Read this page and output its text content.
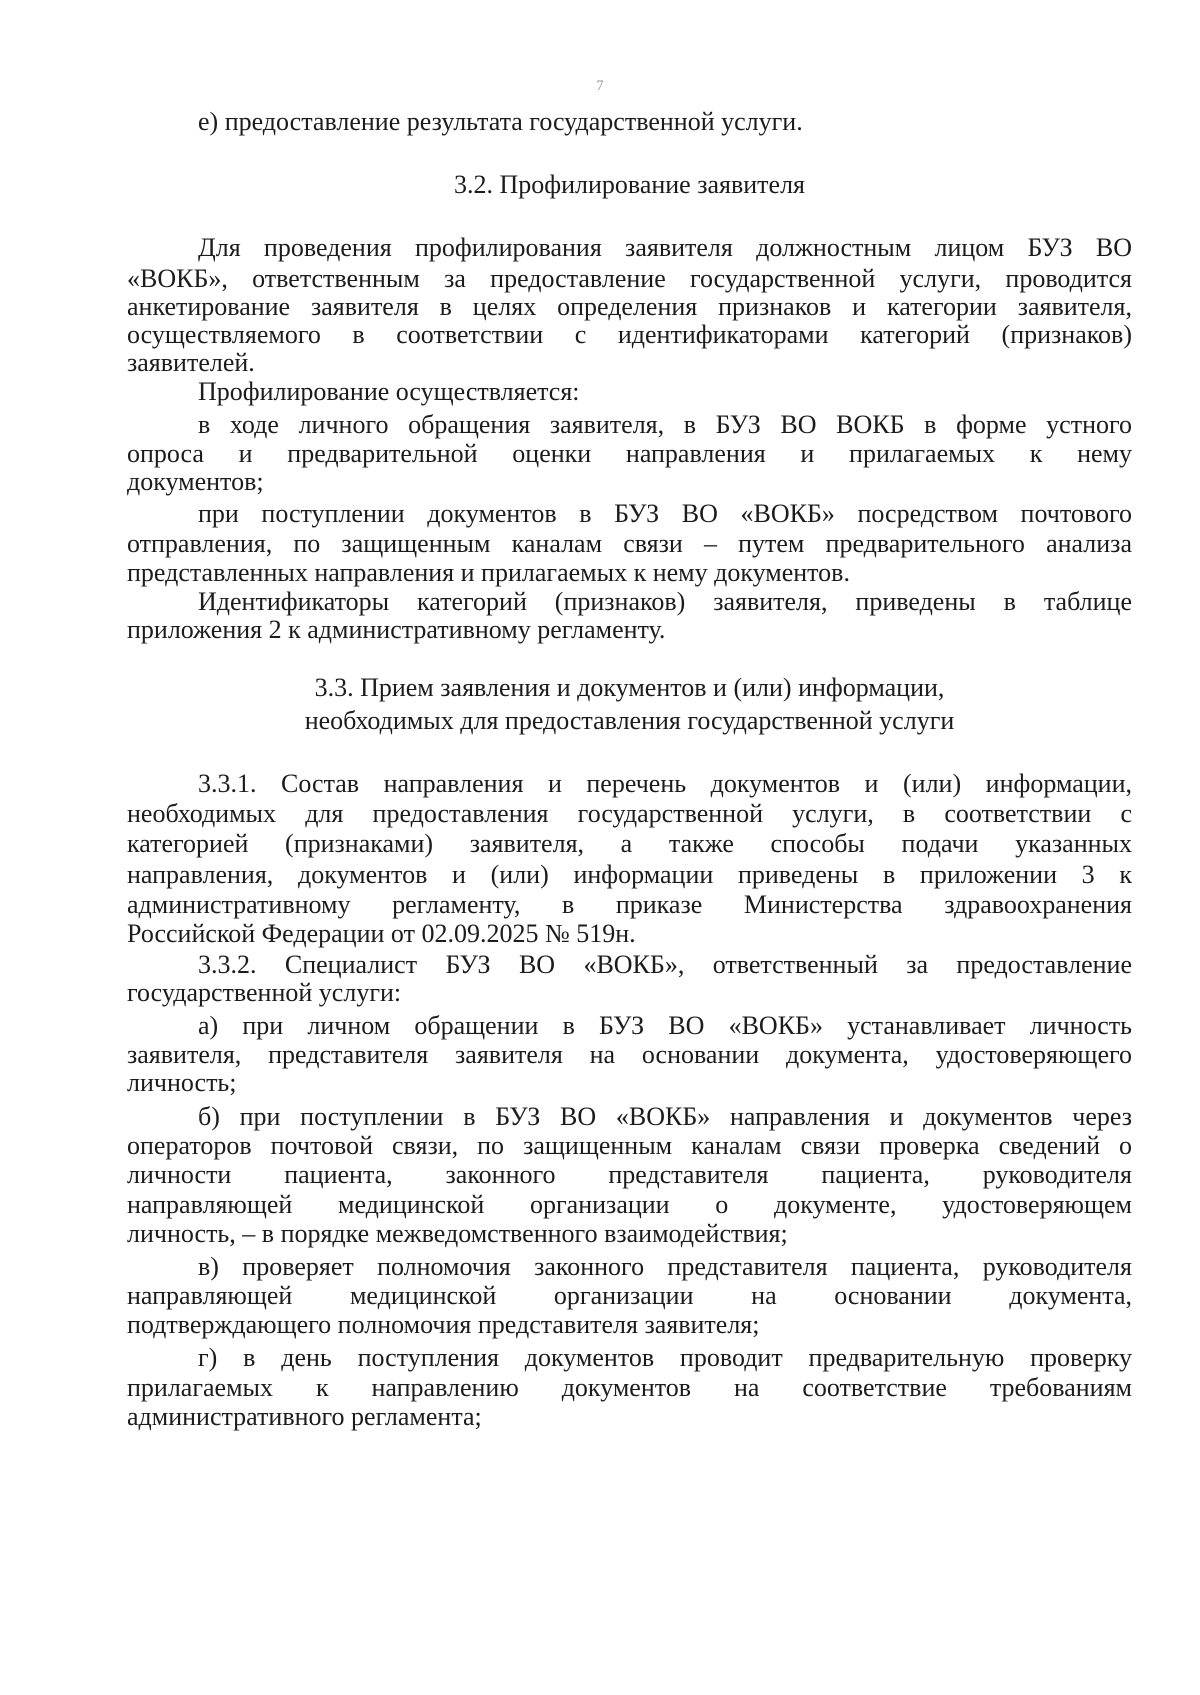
7
е) предоставление результата государственной услуги.
3.2. Профилирование заявителя
Для проведения профилирования заявителя должностным лицом БУЗ ВО
«ВОКБ», ответственным за предоставление государственной услуги, проводится
анкетирование заявителя в целях определения признаков и категории заявителя,
осуществляемого в соответствии с идентификаторами категорий (признаков)
заявителей.
Профилирование осуществляется:
в ходе личного обращения заявителя, в БУЗ ВО ВОКБ в форме устного
опроса и предварительной оценки направления и прилагаемых к нему
документов;
при поступлении документов в БУЗ ВО «ВОКБ» посредством почтового
отправления, по защищенным каналам связи – путем предварительного анализа
представленных направления и прилагаемых к нему документов.
Идентификаторы категорий (признаков) заявителя, приведены в таблице
приложения 2 к административному регламенту.
3.3. Прием заявления и документов и (или) информации,
необходимых для предоставления государственной услуги
3.3.1. Состав направления и перечень документов и (или) информации,
необходимых для предоставления государственной услуги, в соответствии с
категорией (признаками) заявителя, а также способы подачи указанных
направления, документов и (или) информации приведены в приложении 3 к
административному регламенту, в приказе Министерства здравоохранения
Российской Федерации от 02.09.2025 № 519н.
3.3.2. Специалист БУЗ ВО «ВОКБ», ответственный за предоставление
государственной услуги:
а) при личном обращении в БУЗ ВО «ВОКБ» устанавливает личность
заявителя, представителя заявителя на основании документа, удостоверяющего
личность;
б) при поступлении в БУЗ ВО «ВОКБ» направления и документов через
операторов почтовой связи, по защищенным каналам связи проверка сведений о
личности пациента, законного представителя пациента, руководителя
направляющей медицинской организации о документе, удостоверяющем
личность, – в порядке межведомственного взаимодействия;
в) проверяет полномочия законного представителя пациента, руководителя
направляющей медицинской организации на основании документа,
подтверждающего полномочия представителя заявителя;
г) в день поступления документов проводит предварительную проверку
прилагаемых к направлению документов на соответствие требованиям
административного регламента;
